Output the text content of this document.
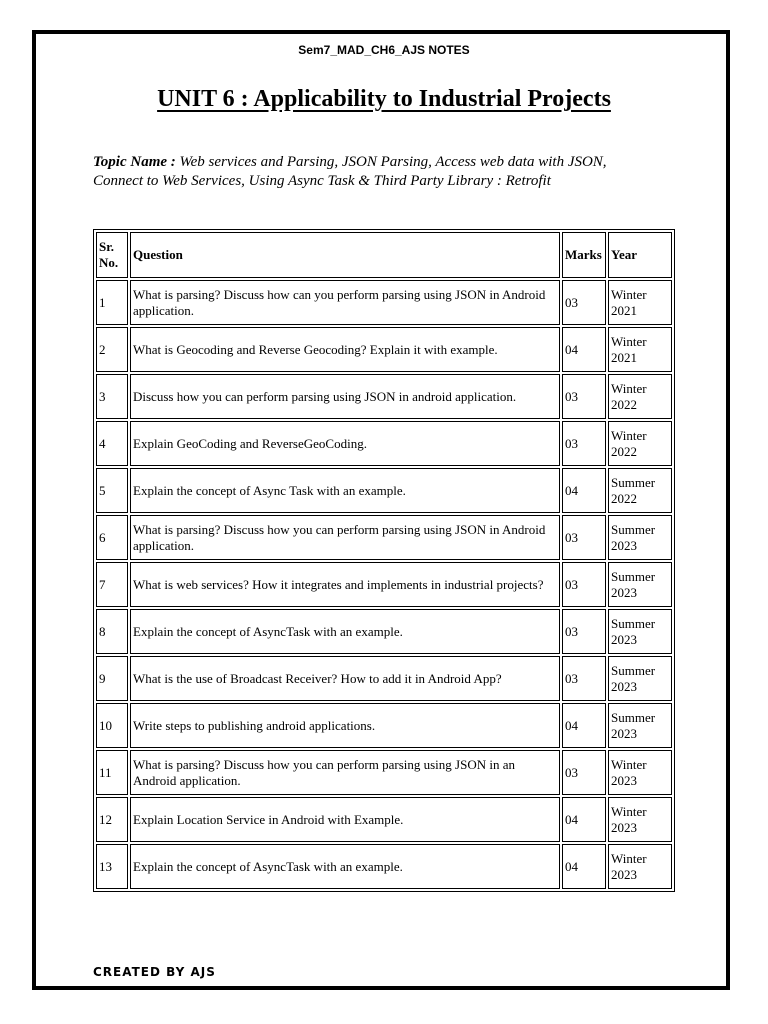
Sem7_MAD_CH6_AJS NOTES
UNIT 6 : Applicability to Industrial Projects
Topic Name : Web services and Parsing, JSON Parsing, Access web data with JSON, Connect to Web Services, Using Async Task & Third Party Library : Retrofit
Sr. No.	Question	Marks	Year
1	What is parsing? Discuss how can you perform parsing using JSON in Android application.	03	Winter 2021
2	What is Geocoding and Reverse Geocoding? Explain it with example.	04	Winter 2021
3	Discuss how you can perform parsing using JSON in android application.	03	Winter 2022
4	Explain GeoCoding and ReverseGeoCoding.	03	Winter 2022
5	Explain the concept of Async Task with an example.	04	Summer 2022
6	What is parsing? Discuss how you can perform parsing using JSON in Android application.	03	Summer 2023
7	What is web services? How it integrates and implements in industrial projects?	03	Summer 2023
8	Explain the concept of AsyncTask with an example.	03	Summer 2023
9	What is the use of Broadcast Receiver? How to add it in Android App?	03	Summer 2023
10	Write steps to publishing android applications.	04	Summer 2023
11	What is parsing? Discuss how you can perform parsing using JSON in an Android application.	03	Winter 2023
12	Explain Location Service in Android with Example.	04	Winter 2023
13	Explain the concept of AsyncTask with an example.	04	Winter 2023
CREATED BY AJS
